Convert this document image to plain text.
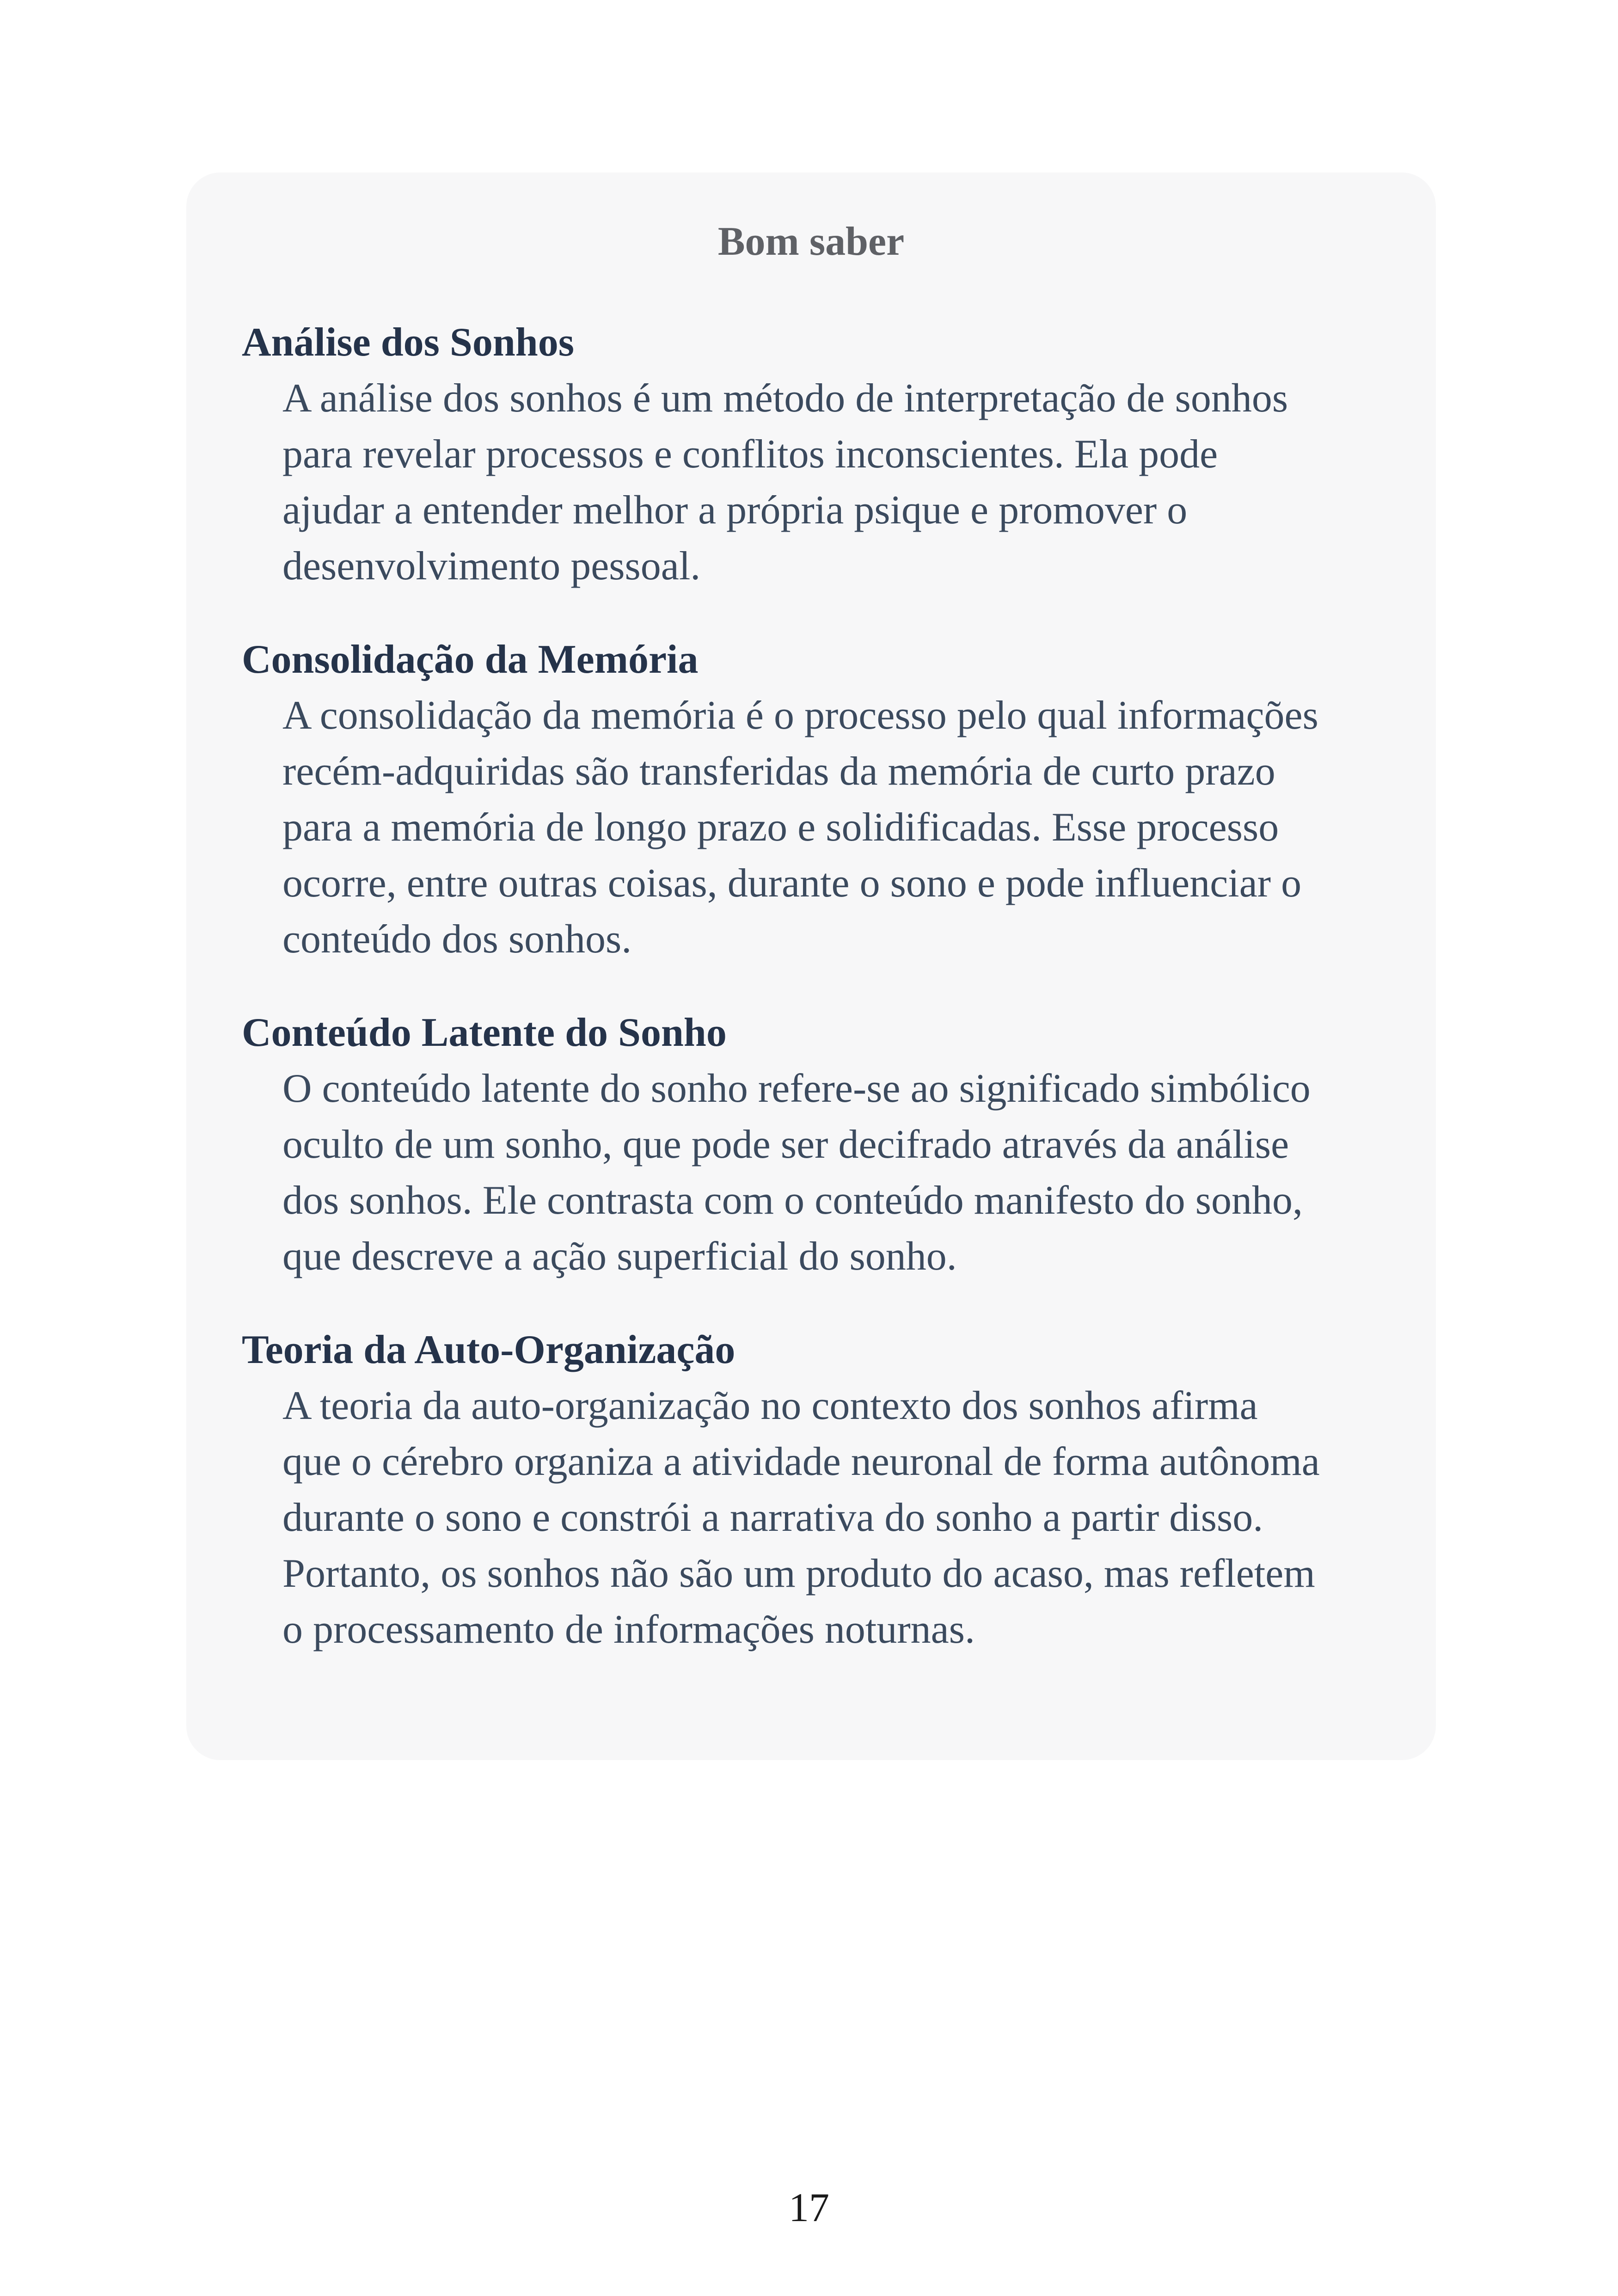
Bom saber
Análise dos Sonhos
A análise dos sonhos é um método de interpretação de sonhos
para revelar processos e conflitos inconscientes. Ela pode
ajudar a entender melhor a própria psique e promover o
desenvolvimento pessoal.
Consolidação da Memória
A consolidação da memória é o processo pelo qual informações
recém-adquiridas são transferidas da memória de curto prazo
para a memória de longo prazo e solidificadas. Esse processo
ocorre, entre outras coisas, durante o sono e pode influenciar o
conteúdo dos sonhos.
Conteúdo Latente do Sonho
O conteúdo latente do sonho refere-se ao significado simbólico
oculto de um sonho, que pode ser decifrado através da análise
dos sonhos. Ele contrasta com o conteúdo manifesto do sonho,
que descreve a ação superficial do sonho.
Teoria da Auto-Organização
A teoria da auto-organização no contexto dos sonhos afirma
que o cérebro organiza a atividade neuronal de forma autônoma
durante o sono e constrói a narrativa do sonho a partir disso.
Portanto, os sonhos não são um produto do acaso, mas refletem
o processamento de informações noturnas.
17
